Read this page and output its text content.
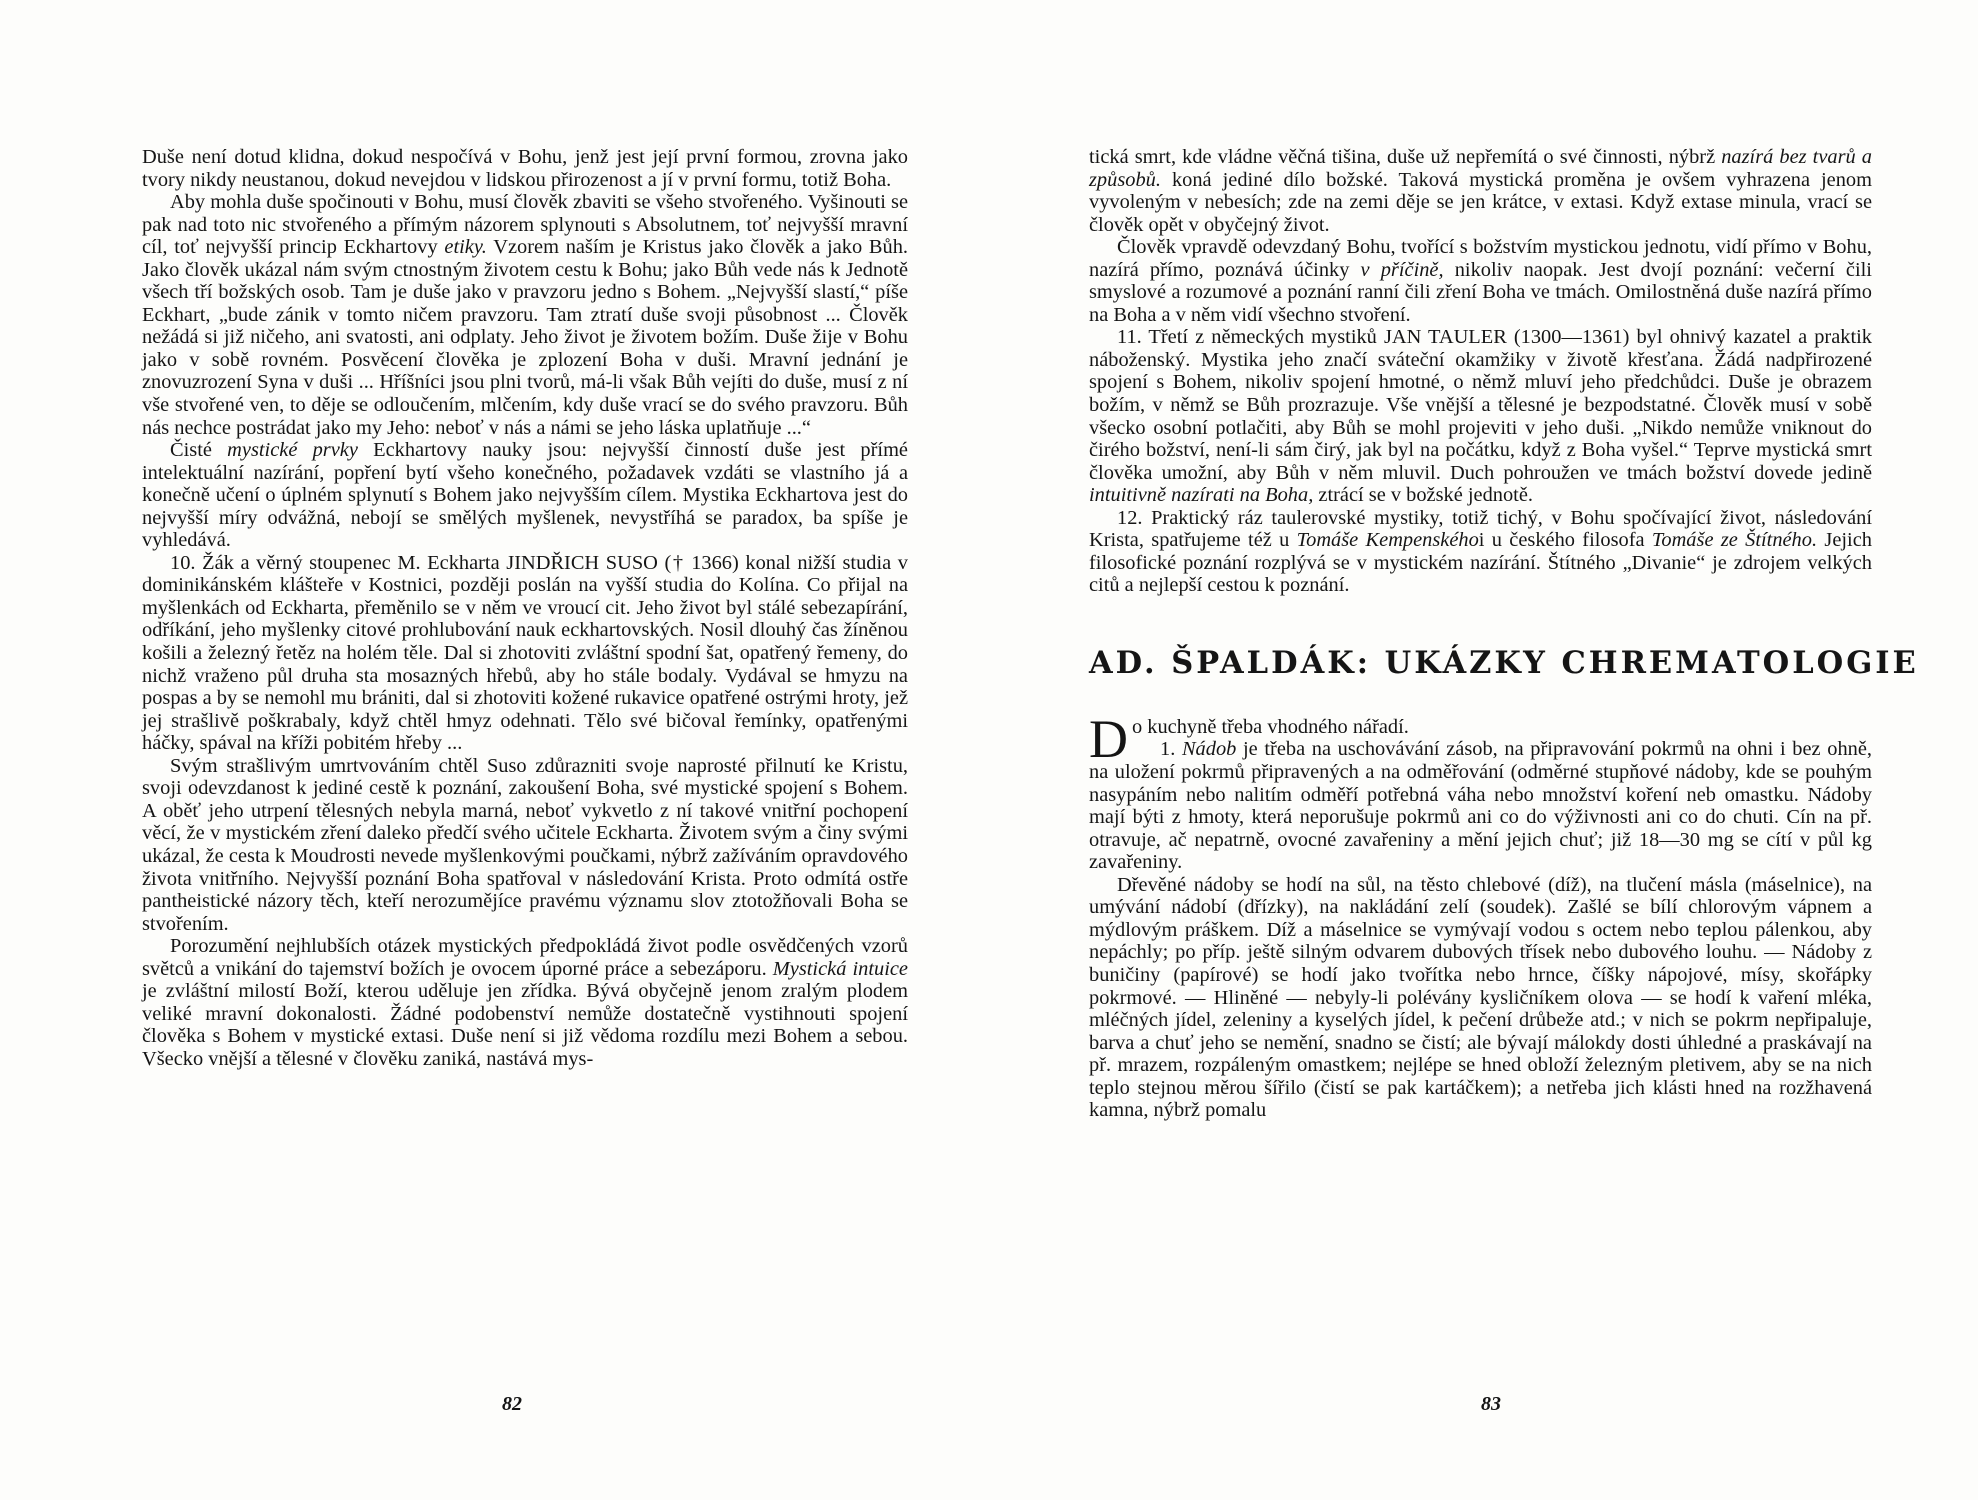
Duše není dotud klidna, dokud nespočívá v Bohu, jenž jest její první formou, zrovna jako tvory nikdy neustanou, dokud nevejdou v lidskou přirozenost a jí v první formu, totiž Boha.

Aby mohla duše spočinouti v Bohu, musí člověk zbaviti se všeho stvořeného. Vyšinouti se pak nad toto nic stvořeného a přímým názorem splynouti s Absolutnem, toť nejvyšší mravní cíl, toť nejvyšší princip Eckhartovy etiky. Vzorem naším je Kristus jako člověk a jako Bůh. Jako člověk ukázal nám svým ctnostným životem cestu k Bohu; jako Bůh vede nás k Jednotě všech tří božských osob. Tam je duše jako v pravzoru jedno s Bohem. „Nejvyšší slastí,“ píše Eckhart, „bude zánik v tomto ničem pravzoru. Tam ztratí duše svoji působnost ... Člověk nežádá si již ničeho, ani svatosti, ani odplaty. Jeho život je životem božím. Duše žije v Bohu jako v sobě rovném. Posvěcení člověka je zplození Boha v duši. Mravní jednání je znovuzrození Syna v duši ... Hříšníci jsou plni tvorů, má-li však Bůh vejíti do duše, musí z ní vše stvořené ven, to děje se odloučením, mlčením, kdy duše vrací se do svého pravzoru. Bůh nás nechce postrádat jako my Jeho: neboť v nás a námi se jeho láska uplatňuje ...“

Čisté mystické prvky Eckhartovy nauky jsou: nejvyšší činností duše jest přímé intelektuální nazírání, popření bytí všeho konečného, požadavek vzdáti se vlastního já a konečně učení o úplném splynutí s Bohem jako nejvyšším cílem. Mystika Eckhartova jest do nejvyšší míry odvážná, nebojí se smělých myšlenek, nevystříhá se paradox, ba spíše je vyhledává.

10. Žák a věrný stoupenec M. Eckharta JINDŘICH SUSO († 1366) konal nižší studia v dominikánském klášteře v Kostnici, později poslán na vyšší studia do Kolína. Co přijal na myšlenkách od Eckharta, přeměnilo se v něm ve vroucí cit. Jeho život byl stálé sebezapírání, odříkání, jeho myšlenky citové prohlubování nauk eckhartovských. Nosil dlouhý čas žíněnou košili a železný řetěz na holém těle. Dal si zhotoviti zvláštní spodní šat, opatřený řemeny, do nichž vraženo půl druha sta mosazných hřebů, aby ho stále bodaly. Vydával se hmyzu na pospas a by se nemohl mu brániti, dal si zhotoviti kožené rukavice opatřené ostrými hroty, jež jej strašlivě poškrabaly, když chtěl hmyz odehnati. Tělo své bičoval řemínky, opatřenými háčky, spával na kříži pobitém hřeby ...

Svým strašlivým umrtvováním chtěl Suso zdůrazniti svoje naprosté přilnutí ke Kristu, svoji odevzdanost k jediné cestě k poznání, zakoušení Boha, své mystické spojení s Bohem. A oběť jeho utrpení tělesných nebyla marná, neboť vykvetlo z ní takové vnitřní pochopení věcí, že v mystickém zření daleko předčí svého učitele Eckharta. Životem svým a činy svými ukázal, že cesta k Moudrosti nevede myšlenkovými poučkami, nýbrž zažíváním opravdového života vnitřního. Nejvyšší poznání Boha spatřoval v následování Krista. Proto odmítá ostře pantheistické názory těch, kteří nerozumějíce pravému významu slov ztotožňovali Boha se stvořením.

Porozumění nejhlubších otázek mystických předpokládá život podle osvědčených vzorů světců a vnikání do tajemství božích je ovocem úporné práce a sebezáporu. Mystická intuice je zvláštní milostí Boží, kterou uděluje jen zřídka. Bývá obyčejně jenom zralým plodem veliké mravní dokonalosti. Žádné podobenství nemůže dostatečně vystihnouti spojení člověka s Bohem v mystické extasi. Duše není si již vědoma rozdílu mezi Bohem a sebou. Všecko vnější a tělesné v člověku zaniká, nastává mys-

82

tická smrt, kde vládne věčná tišina, duše už nepřemítá o své činnosti, nýbrž nazírá bez tvarů a způsobů. koná jediné dílo božské. Taková mystická proměna je ovšem vyhrazena jenom vyvoleným v nebesích; zde na zemi děje se jen krátce, v extasi. Když extase minula, vrací se člověk opět v obyčejný život.

Člověk vpravdě odevzdaný Bohu, tvořící s božstvím mystickou jednotu, vidí přímo v Bohu, nazírá přímo, poznává účinky v příčině, nikoliv naopak. Jest dvojí poznání: večerní čili smyslové a rozumové a poznání ranní čili zření Boha ve tmách. Omilostněná duše nazírá přímo na Boha a v něm vidí všechno stvoření.

11. Třetí z německých mystiků JAN TAULER (1300—1361) byl ohnivý kazatel a praktik náboženský. Mystika jeho značí sváteční okamžiky v životě křesťana. Žádá nadpřirozené spojení s Bohem, nikoliv spojení hmotné, o němž mluví jeho předchůdci. Duše je obrazem božím, v němž se Bůh prozrazuje. Vše vnější a tělesné je bezpodstatné. Člověk musí v sobě všecko osobní potlačiti, aby Bůh se mohl projeviti v jeho duši. „Nikdo nemůže vniknout do čirého božství, není-li sám čirý, jak byl na počátku, když z Boha vyšel.“ Teprve mystická smrt člověka umožní, aby Bůh v něm mluvil. Duch pohroužen ve tmách božství dovede jedině intuitivně nazírati na Boha, ztrácí se v božské jednotě.

12. Praktický ráz taulerovské mystiky, totiž tichý, v Bohu spočívající život, následování Krista, spatřujeme též u Tomáše Kempenskéhoi u českého filosofa Tomáše ze Štítného. Jejich filosofické poznání rozplývá se v mystickém nazírání. Štítného „Divanie“ je zdrojem velkých citů a nejlepší cestou k poznání.

AD. ŠPALDÁK: UKÁZKY CHREMATOLOGIE

Do kuchyně třeba vhodného nářadí.

1. Nádob je třeba na uschovávání zásob, na připravování pokrmů na ohni i bez ohně, na uložení pokrmů připravených a na odměřování (odměrné stupňové nádoby, kde se pouhým nasypáním nebo nalitím odměří potřebná váha nebo množství koření neb omastku. Nádoby mají býti z hmoty, která neporušuje pokrmů ani co do výživnosti ani co do chuti. Cín na př. otravuje, ač nepatrně, ovocné zavařeniny a mění jejich chuť; již 18—30 mg se cítí v půl kg zavařeniny.

Dřevěné nádoby se hodí na sůl, na těsto chlebové (díž), na tlučení másla (máselnice), na umývání nádobí (dřízky), na nakládání zelí (soudek). Zašlé se bílí chlorovým vápnem a mýdlovým práškem. Díž a máselnice se vymývají vodou s octem nebo teplou pálenkou, aby nepáchly; po příp. ještě silným odvarem dubových třísek nebo dubového louhu. — Nádoby z buničiny (papírové) se hodí jako tvořítka nebo hrnce, číšky nápojové, mísy, skořápky pokrmové. — Hliněné — nebyly-li polévány kysličníkem olova — se hodí k vaření mléka, mléčných jídel, zeleniny a kyselých jídel, k pečení drůbeže atd.; v nich se pokrm nepřipaluje, barva a chuť jeho se nemění, snadno se čistí; ale bývají málokdy dosti úhledné a praskávají na př. mrazem, rozpáleným omastkem; nejlépe se hned obloží železným pletivem, aby se na nich teplo stejnou měrou šířilo (čistí se pak kartáčkem); a netřeba jich klásti hned na rozžhavená kamna, nýbrž pomalu

83
